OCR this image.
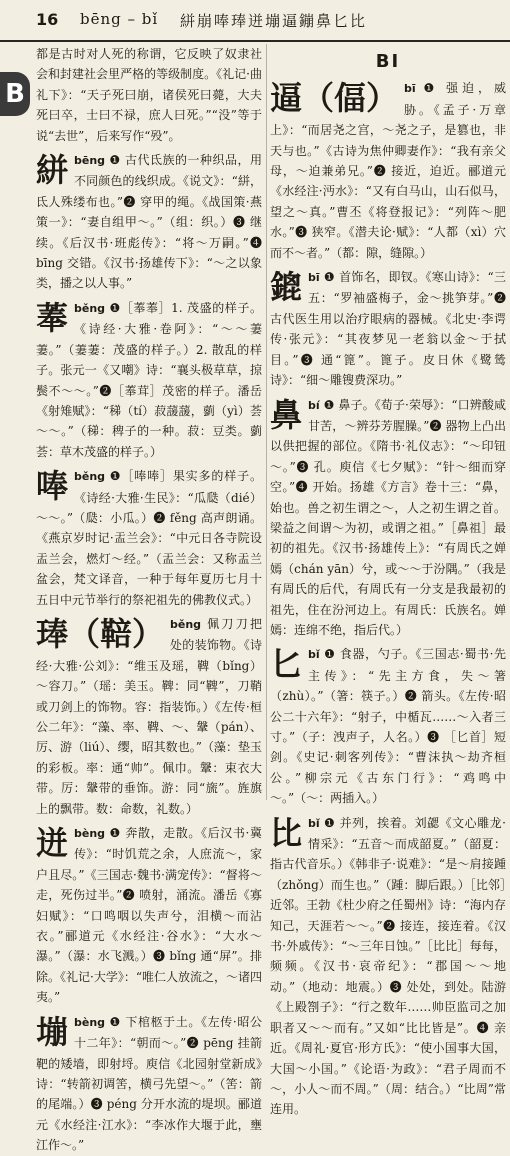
16 bēng – bǐ 絣崩唪琫迸塴逼鏰鼻匕比
B

都是古时对人死的称谓，它反映了奴隶社会和封建社会里严格的等级制度。《礼记·曲礼下》：“天子死曰崩，诸侯死曰薨，大夫死曰卒，士曰不禄，庶人曰死。”“没”等于说“去世”，后来写作“殁”。

絣bēng ❶ 古代氐族的一种织品，用不同颜色的线织成。《说文》：“絣，氐人殊缕布也。”❷ 穿甲的绳。《战国策·燕策一》：“妻自组甲～。”（组：织。）❸ 继续。《后汉书·班彪传》：“将～万嗣。”❹ bīng 交错。《汉书·扬雄传下》：“～之以象类，播之以人事。”
菶běng ❶［菶菶］1. 茂盛的样子。《诗经·大雅·卷阿》：“～～萋萋。”（萋萋：茂盛的样子。）2. 散乱的样子。张元一《又嘲》诗：“襄头极草草，掠鬓不～～。”❷［菶茸］茂密的样子。潘岳《射雉赋》：“稊（tí）菽蘐蘐，藰（yì）荟～～。”（稊：稗子的一种。菽：豆类。藰荟：草木茂盛的样子。）
唪běng ❶［唪唪］果实多的样子。《诗经·大雅·生民》：“瓜瓞（dié）～～。”（瓞：小瓜。）❷ fěng 高声朗诵。《燕京岁时记·盂兰会》：“中元日各寺院设盂兰会，燃灯～经。”（盂兰会：又称盂兰盆会，梵文译音，一种于每年夏历七月十五日中元节举行的祭祀祖先的佛教仪式。）
琫（鞛） běng 佩刀刀把处的装饰物。《诗经·大雅·公刘》：“维玉及瑶，鞞（bǐng）～容刀。”（瑶：美玉。鞞：同“鞞”，刀鞘或刀剑上的饰物。容：指装饰。）《左传·桓公二年》：“藻、率、鞞、～、鞶（pán）、厉、游（liú）、缨，昭其数也。”（藻：垫玉的彩板。率：通“帅”。佩巾。鞶：束衣大带。厉：鞶带的垂饰。游：同“旒”。旌旗上的飘带。数：命数，礼数。）
迸bèng ❶ 奔散，走散。《后汉书·冀传》：“时饥荒之余，人庶流～，家户且尽。”《三国志·魏书·满宠传》：“督将～走，死伤过半。”❷ 喷射，涌流。潘岳《寡妇赋》：“口鸣咽以失声兮，泪横～而沾衣。”郦道元《水经注·谷水》：“大水～瀑。”（瀑：水飞溅。）❸ bǐng 通“屏”。排除。《礼记·大学》：“唯仁人放流之，～诸四夷。”
塴bèng ❶ 下棺柩于土。《左传·昭公十二年》：“朝而～。”❷ pēng 挂箭靶的矮墙，即射埒。庾信《北园射堂新成》诗：“转箭初调筈，横弓先望～。”（筈：箭的尾端。）❸ péng 分开水流的堤坝。郦道元《水经注·江水》：“李冰作大堰于此，壅江作～。”
BI
逼（偪） bī ❶ 强迫，威胁。《孟子·万章上》：“而居尧之宫，～尧之子，是篡也，非天与也。”《古诗为焦仲卿妻作》：“我有亲父母，～迫兼弟兄。”❷ 接近，迫近。郦道元《水经注·沔水》：“又有白马山，山石似马，望之～真。”曹丕《将登报记》：“列阵～肥水。”❸ 狭窄。《潜夫论·赋》：“人都（xì）穴而不～者。”（都：隙，缝隙。）
鎞bī ❶ 首饰名，即钗。《寒山诗》：“三五：“罗袖盛梅子，金～挑笋芽。”❷ 古代医生用以治疗眼病的器械。《北史·李谔传·张元》：“其夜梦见一老翁以金～于拭目。”❸ 通“篦”。篦子。皮日休《鹭鸶诗》：“细～雕锼费深功。”
鼻bí ❶ 鼻子。《荀子·荣辱》：“口辨酸咸甘苦，～辨芬芳腥臊。”❷ 器物上凸出以供把握的部位。《隋书·礼仪志》：“～印钮～。”❸ 孔。庾信《七夕赋》：“针～细而穿空。”❹ 开始。扬雄《方言》卷十三：“鼻，始也。兽之初生谓之～，人之初生谓之首。梁益之间谓～为初，或谓之祖。”［鼻祖］最初的祖先。《汉书·扬雄传上》：“有周氏之婵嫣（chán yān）兮，或～～于汾隅。”（我是有周氏的后代，有周氏有一分支是我最初的祖先，住在汾河边上。有周氏：氏族名。婵嫣：连绵不绝，指后代。）
匕bǐ ❶ 食器，勺子。《三国志·蜀书·先主传》：“先主方食，失～箸（zhù）。”（箸：筷子。）❷ 箭头。《左传·昭公二十六年》：“射子，中楯瓦……～入者三寸。”（子：洩声子，人名。）❸ ［匕首］短剑。《史记·刺客列传》：“曹沫执～劫齐桓公。”柳宗元《古东门行》：“鸡鸣中～。”（～：两插入。）
比bǐ ❶ 并列，挨着。刘勰《文心雕龙·情采》：“五音～而成韶夏。”（韶夏：指古代音乐。）《韩非子·说难》：“是～肩接踵（zhǒng）而生也。”（踵：脚后跟。）［比邻］近邻。王勃《杜少府之任蜀州》诗：“海内存知己，天涯若～～。”❷ 接连，接连着。《汉书·外戚传》：“～三年日蚀。”［比比］每每，频频。《汉书·哀帝纪》：“郡国～～地动。”（地动：地震。）❸ 处处，到处。陆游《上殿劄子》：“行之数年……帅臣监司之加职者又～～而有。”又如“比比皆是”。❹ 亲近。《周礼·夏官·形方氏》：“使小国事大国，大国～小国。”《论语·为政》：“君子周而不～，小人～而不周。”（周：结合。）“比周”常连用。
